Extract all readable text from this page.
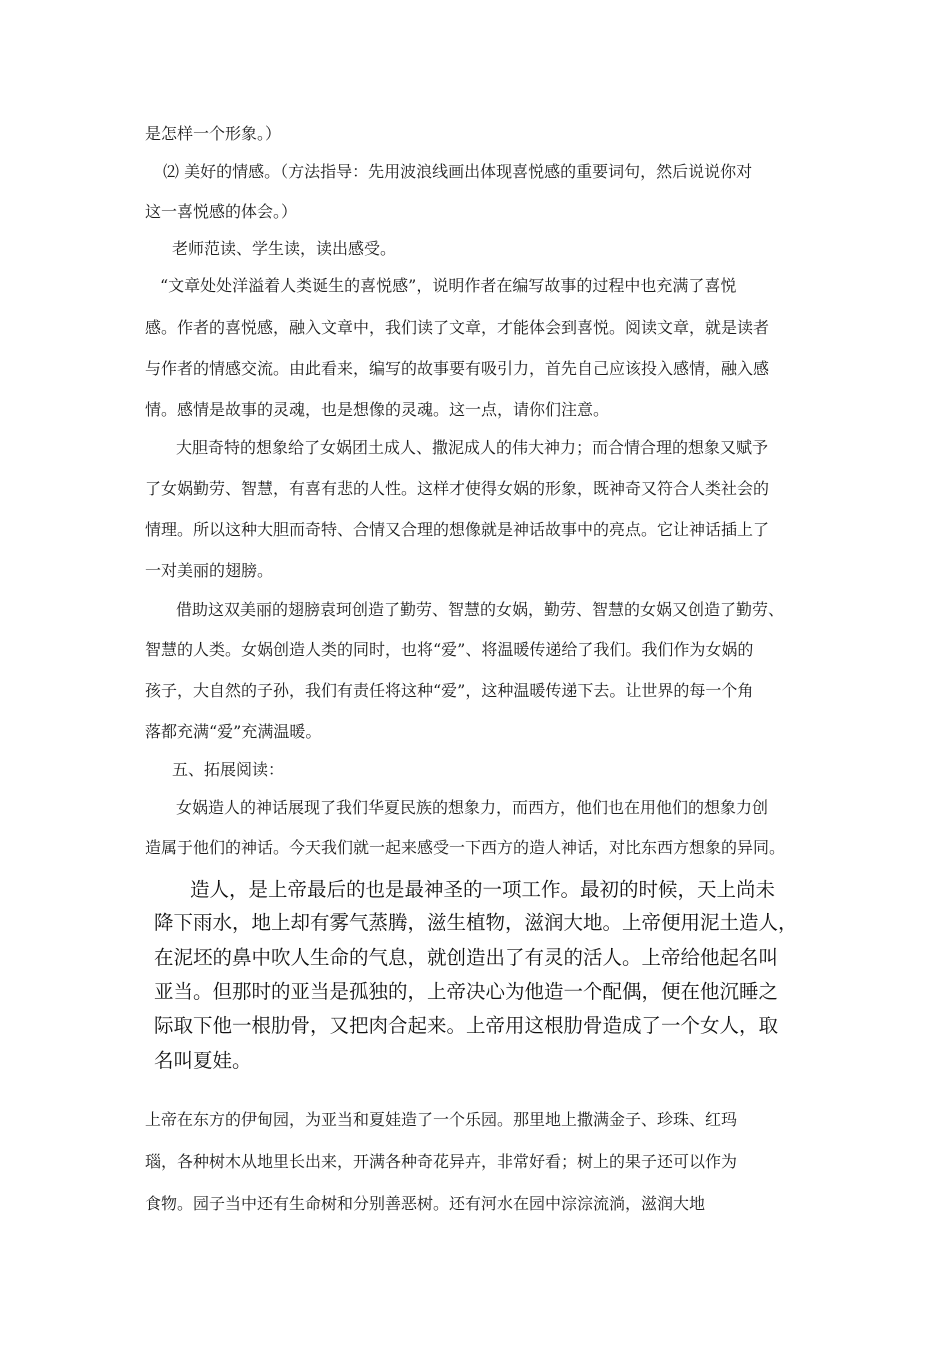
是怎样一个形象。）
⑵ 美好的情感。（方法指导：先用波浪线画出体现喜悦感的重要词句，然后说说你对
这一喜悦感的体会。）
老师范读、学生读，读出感受。
“文章处处洋溢着人类诞生的喜悦感”，说明作者在编写故事的过程中也充满了喜悦
感。作者的喜悦感，融入文章中，我们读了文章，才能体会到喜悦。阅读文章，就是读者
与作者的情感交流。由此看来，编写的故事要有吸引力，首先自己应该投入感情，融入感
情。感情是故事的灵魂，也是想像的灵魂。这一点，请你们注意。
大胆奇特的想象给了女娲团土成人、撒泥成人的伟大神力；而合情合理的想象又赋予
了女娲勤劳、智慧，有喜有悲的人性。这样才使得女娲的形象，既神奇又符合人类社会的
情理。所以这种大胆而奇特、合情又合理的想像就是神话故事中的亮点。它让神话插上了
一对美丽的翅膀。
借助这双美丽的翅膀袁珂创造了勤劳、智慧的女娲，勤劳、智慧的女娲又创造了勤劳、
智慧的人类。女娲创造人类的同时，也将“爱”、将温暖传递给了我们。我们作为女娲的
孩子，大自然的子孙，我们有责任将这种“爱”，这种温暖传递下去。让世界的每一个角
落都充满“爱”充满温暖。
五、拓展阅读：
女娲造人的神话展现了我们华夏民族的想象力，而西方，他们也在用他们的想象力创
造属于他们的神话。今天我们就一起来感受一下西方的造人神话，对比东西方想象的异同。
造人，是上帝最后的也是最神圣的一项工作。最初的时候，天上尚未
降下雨水，地上却有雾气蒸腾，滋生植物，滋润大地。上帝便用泥土造人，
在泥坯的鼻中吹人生命的气息，就创造出了有灵的活人。上帝给他起名叫
亚当。但那时的亚当是孤独的，上帝决心为他造一个配偶，便在他沉睡之
际取下他一根肋骨，又把肉合起来。上帝用这根肋骨造成了一个女人，取
名叫夏娃。
上帝在东方的伊甸园，为亚当和夏娃造了一个乐园。那里地上撒满金子、珍珠、红玛
瑙，各种树木从地里长出来，开满各种奇花异卉，非常好看；树上的果子还可以作为
食物。园子当中还有生命树和分别善恶树。还有河水在园中淙淙流淌，滋润大地
